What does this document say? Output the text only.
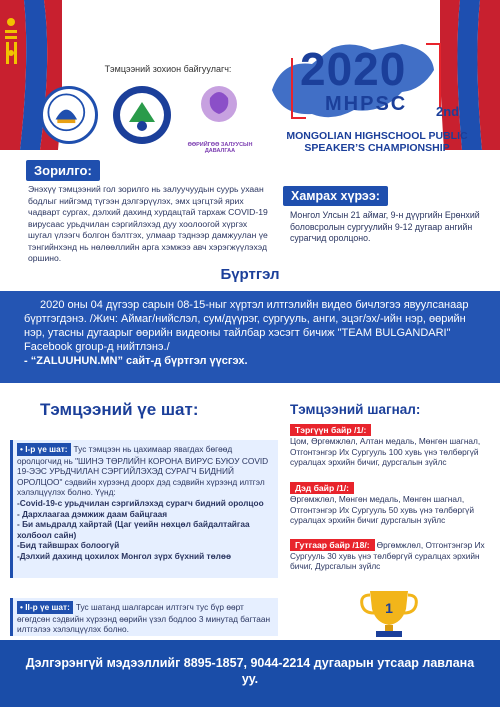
Тэмцээний зохион байгуулагч:
ӨӨРИЙГӨӨ ЗАЛУУСЫН ДАВАЛГАА
2020
MHPSC 2nd
MONGOLIAN HIGHSCHOOL PUBLIC SPEAKER’S CHAMPIONSHIP
Зорилго:
Энэхүү тэмцээний гол зорилго нь залуучуудын суурь ухаан бодлыг нийгэмд түгээн дэлгэрүүлэх, эмх цэгцтэй ярих чадварт сургах, дэлхий дахинд хурдацтай тархаж COVID-19 вирусаас урьдчилан сэргийлэхэд дуу хоолоогой хүргэх шугал үлээгч болгон бэлтгэх, улмаар тэднээр дамжуулан үе тэнгийнхэнд нь нөлөөллийн арга хэмжээ авч хэрэгжүүлэхэд оршино.
Хамрах хүрээ:
Монгол Улсын 21 аймаг, 9-н дүүргийн Ерөнхий боловсролын сургуулийн 9-12 дугаар ангийн сурагчид оролцоно.
Бүртгэл
2020 оны 04 дүгээр сарын 08-15-ныг хүртэл илтгэлийн видео бичлэгээ явуулсанаар бүртгэгдэнэ. /Жич: Аймаг/нийслэл, сум/дүүрэг, сургууль, анги, эцэг/эх/-ийн нэр, өөрийн нэр, утасны дугаарыг өөрийн видеоны тайлбар хэсэгт бичиж "TEAM BULGANDARI" Facebook group-д нийтлэнэ./
- “ZALUUHUN.MN” сайт-д бүртгэл үүсгэх.
Тэмцээний үе шат:
• I-р үе шат: Тус тэмцээн нь цахимаар явагдах бөгөөд оролцогчид нь "ШИНЭ ТӨРЛИЙН КОРОНА ВИРУС БУЮУ COVID 19-ЭЭС УРЬДЧИЛАН СЭРГИЙЛЭХЭД СУРАГЧ БИДНИЙ ОРОЛЦОО" сэдвийн хүрээнд доорх дэд сэдвийн хүрээнд илтгэл хэлэлцүүлэх болно. Үүнд:
-Covid-19-с урьдчилан сэргийлэхэд сурагч бидний оролцоо
- Дархлаагаа дэмжиж даам байцгаая
- Би амьдралд хайртай (Цаг үеийн нөхцөл байдалтайгаа холбоол сайн)
-Бид тайвшрах болоогүй
-Дэлхий дахинд цохилох Монгол зүрх бүхний төлөө
• II-р үе шат: Тус шатанд шалгарсан илтгэгч тус бүр өөрт өгөгдсөн сэдвийн хүрээнд өөрийн үзэл бодлоо 3 минутад багтаан илтгэлээ хэлэлцүүлэх болно.
Тэмцээний шагнал:
Тэргүүн байр /1/:
Цом, Өргөмжлөл, Алтан медаль, Мөнгөн шагнал, Отгонтэнгэр Их Сургууль 100 хувь үнэ төлбөргүй суралцах эрхийн бичиг, дурсгалын зүйлс
Дэд байр /1/:
Өргөмжлөл, Мөнгөн медаль, Мөнгөн шагнал, Отгонтэнгэр Их Сургууль 50 хувь үнэ төлбөргүй суралцах эрхийн бичиг дурсгалын зүйлс
Гутгаар байр /18/: Өргөмжлөл, Отгонтэнгэр Их Сургууль 30 хувь үнэ төлбөргүй суралцах эрхийн бичиг, Дурсгалын зүйлс
1
Дэлгэрэнгүй мэдээллийг 8895-1857, 9044-2214 дугаарын утсаар лавлана уу.
